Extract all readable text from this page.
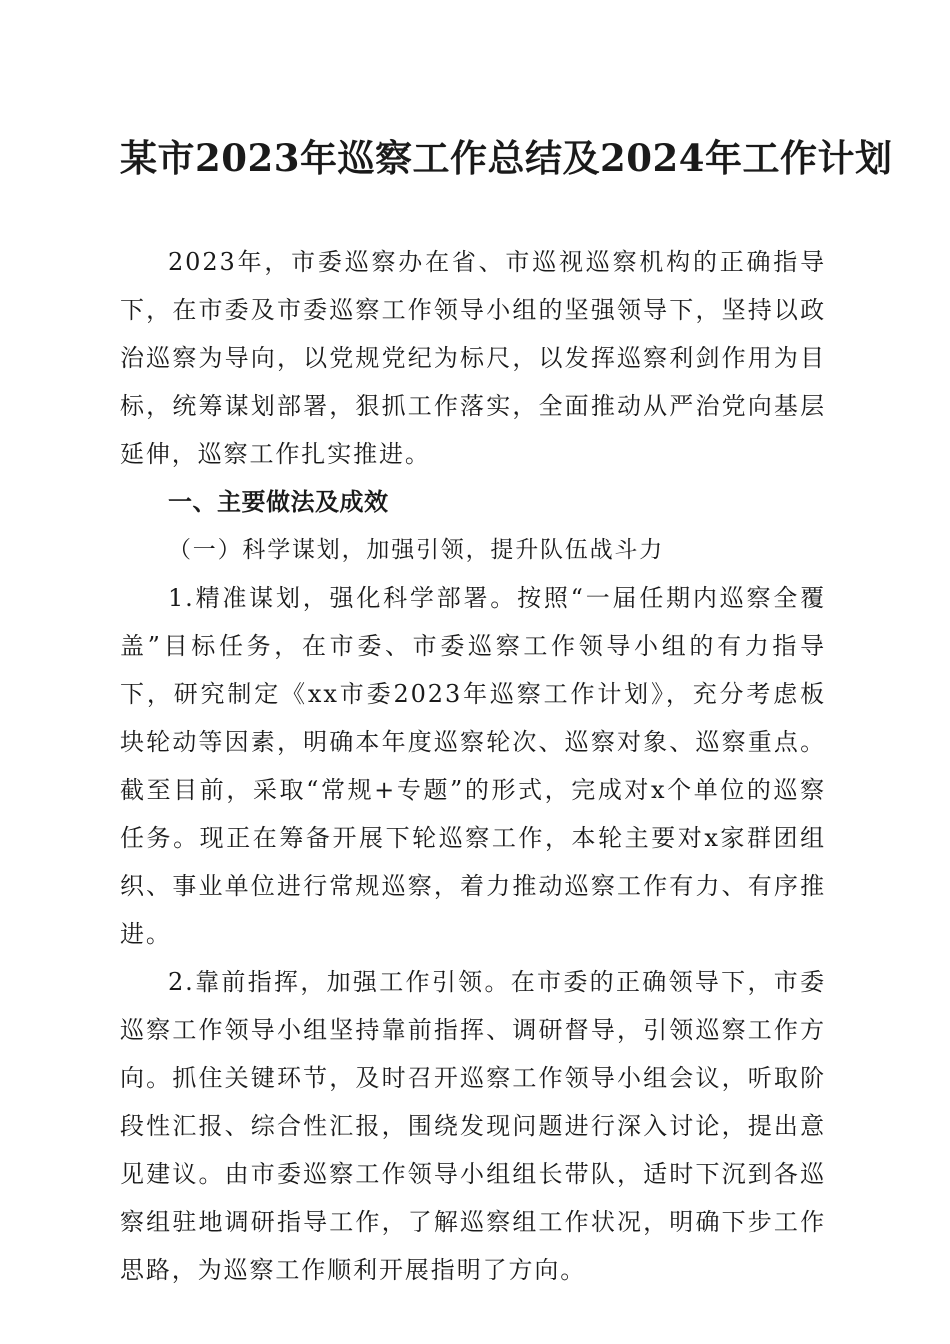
某市2023年巡察工作总结及2024年工作计划

2023年，市委巡察办在省、市巡视巡察机构的正确指导下，在市委及市委巡察工作领导小组的坚强领导下，坚持以政治巡察为导向，以党规党纪为标尺，以发挥巡察利剑作用为目标，统筹谋划部署，狠抓工作落实，全面推动从严治党向基层延伸，巡察工作扎实推进。

一、主要做法及成效

（一）科学谋划，加强引领，提升队伍战斗力

1.精准谋划，强化科学部署。按照“一届任期内巡察全覆盖”目标任务，在市委、市委巡察工作领导小组的有力指导下，研究制定《xx市委2023年巡察工作计划》，充分考虑板块轮动等因素，明确本年度巡察轮次、巡察对象、巡察重点。截至目前，采取“常规+专题”的形式，完成对x个单位的巡察任务。现正在筹备开展下轮巡察工作，本轮主要对x家群团组织、事业单位进行常规巡察，着力推动巡察工作有力、有序推进。

2.靠前指挥，加强工作引领。在市委的正确领导下，市委巡察工作领导小组坚持靠前指挥、调研督导，引领巡察工作方向。抓住关键环节，及时召开巡察工作领导小组会议，听取阶段性汇报、综合性汇报，围绕发现问题进行深入讨论，提出意见建议。由市委巡察工作领导小组组长带队，适时下沉到各巡察组驻地调研指导工作，了解巡察组工作状况，明确下步工作思路，为巡察工作顺利开展指明了方向。
